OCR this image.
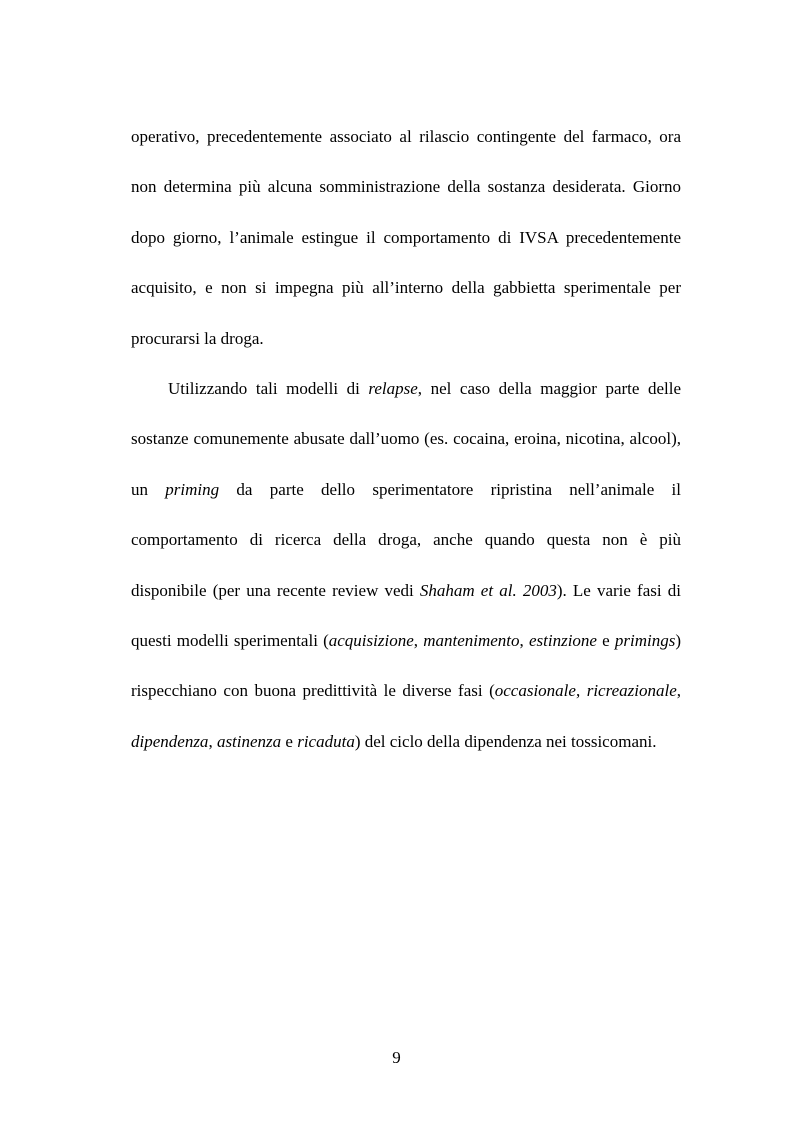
operativo, precedentemente associato al rilascio contingente del farmaco, ora non determina più alcuna somministrazione della sostanza desiderata. Giorno dopo giorno, l’animale estingue il comportamento di IVSA precedentemente acquisito, e non si impegna più all’interno della gabbietta sperimentale per procurarsi la droga.

Utilizzando tali modelli di relapse, nel caso della maggior parte delle sostanze comunemente abusate dall’uomo (es. cocaina, eroina, nicotina, alcool), un priming da parte dello sperimentatore ripristina nell’animale il comportamento di ricerca della droga, anche quando questa non è più disponibile (per una recente review vedi Shaham et al. 2003). Le varie fasi di questi modelli sperimentali (acquisizione, mantenimento, estinzione e primings) rispecchiano con buona predittività le diverse fasi (occasionale, ricreazionale, dipendenza, astinenza e ricaduta) del ciclo della dipendenza nei tossicomani.

9
